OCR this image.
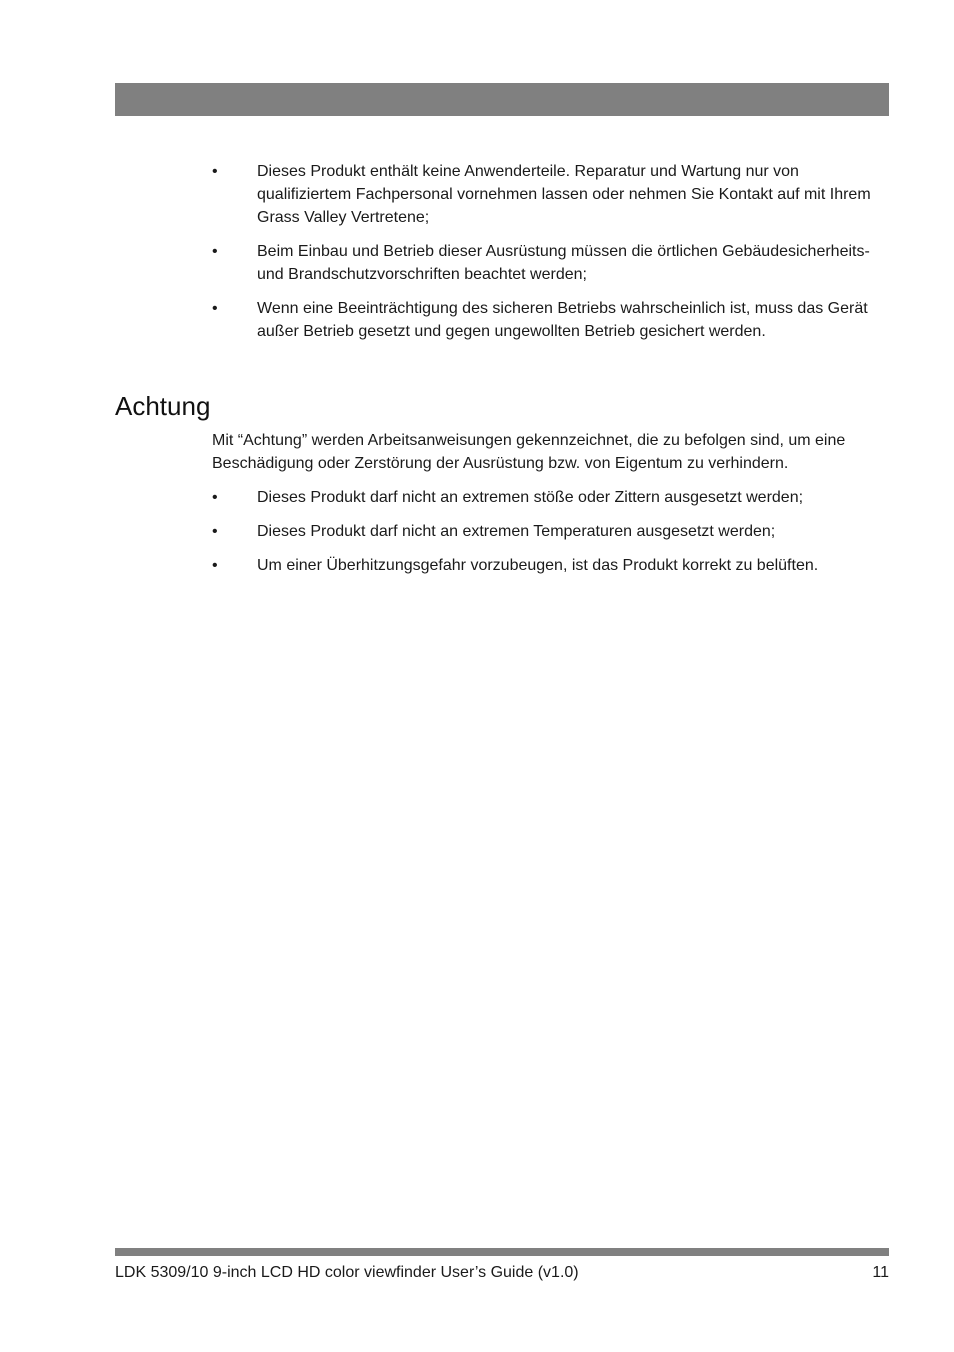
• Dieses Produkt enthält keine Anwenderteile. Reparatur und Wartung nur von qualifiziertem Fachpersonal vornehmen lassen oder nehmen Sie Kontakt auf mit Ihrem Grass Valley Vertretene;
• Beim Einbau und Betrieb dieser Ausrüstung müssen die örtlichen Gebäudesicherheits- und Brandschutzvorschriften beachtet werden;
• Wenn eine Beeinträchtigung des sicheren Betriebs wahrscheinlich ist, muss das Gerät außer Betrieb gesetzt und gegen ungewollten Betrieb gesichert werden.
Achtung

Mit “Achtung” werden Arbeitsanweisungen gekennzeichnet, die zu befolgen sind, um eine Beschädigung oder Zerstörung der Ausrüstung bzw. von Eigentum zu verhindern.

• Dieses Produkt darf nicht an extremen stöße oder Zittern ausgesetzt werden;
• Dieses Produkt darf nicht an extremen Temperaturen ausgesetzt werden;
• Um einer Überhitzungsgefahr vorzubeugen, ist das Produkt korrekt zu belüften.
LDK 5309/10 9-inch LCD HD color viewfinder User’s Guide (v1.0)	11
